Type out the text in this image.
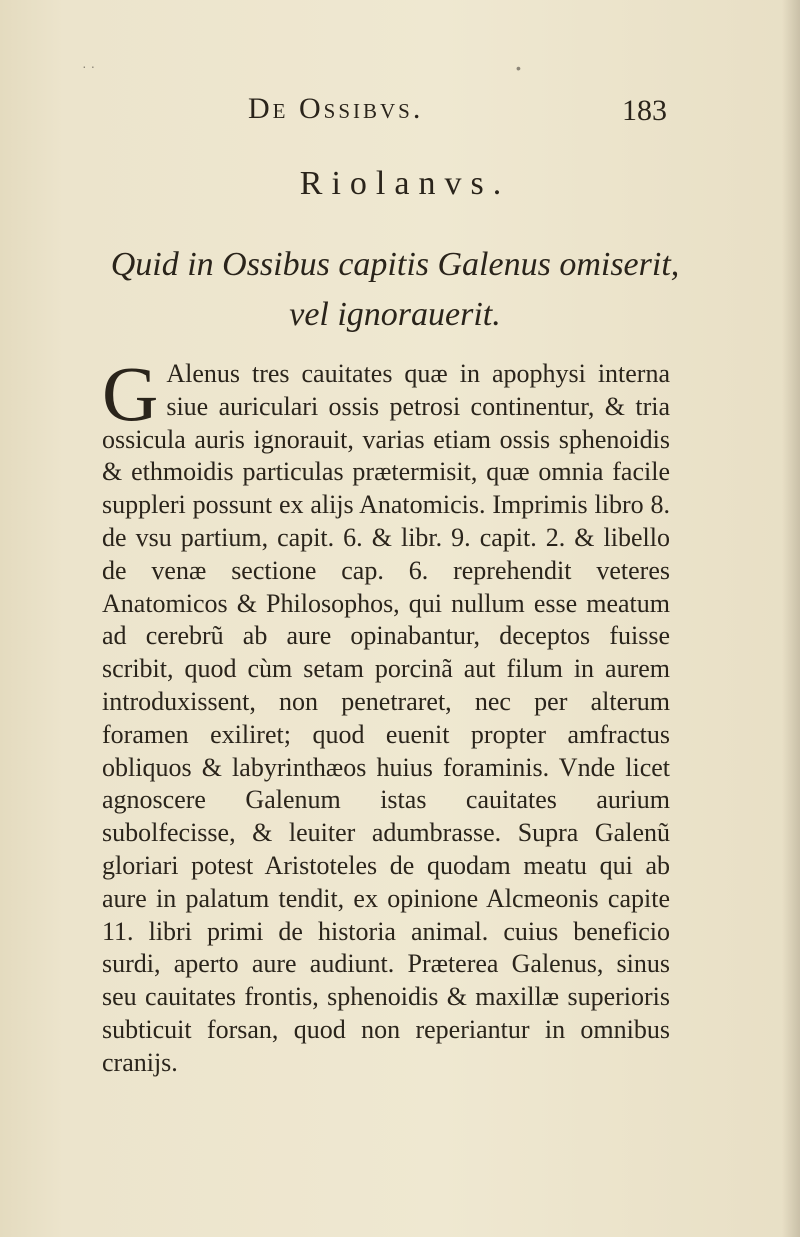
De Ossibvs.	183
Riolanvs.
Quid in Ossibus capitis Galenus omiserit, vel ignorauerit.
G Alenus tres cauitates quæ in apophysi interna siue auriculari ossis petrosi continentur, & tria ossicula auris ignorauit, varias etiam ossis sphenoidis & ethmoidis particulas prætermisit, quæ omnia facile suppleri possunt ex alijs Anatomicis. Imprimis libro 8. de vsu partium, capit. 6. & libr. 9. capit. 2. & libello de venæ sectione cap. 6. reprehendit veteres Anatomicos & Philosophos, qui nullum esse meatum ad cerebrũ ab aure opinabantur, deceptos fuisse scribit, quod cùm setam porcinã aut filum in aurem introduxissent, non penetraret, nec per alterum foramen exiliret; quod euenit propter amfractus obliquos & labyrinthæos huius foraminis. Vnde licet agnoscere Galenum istas cauitates aurium subolfecisse, & leuiter adumbrasse. Supra Galenũ gloriari potest Aristoteles de quodam meatu qui ab aure in palatum tendit, ex opinione Alcmeonis capite 11. libri primi de historia animal. cuius beneficio surdi, aperto aure audiunt. Præterea Galenus, sinus seu cauitates frontis, sphenoidis & maxillæ superioris subticuit forsan, quod non reperiantur in omnibus cranijs.
· ·	•
